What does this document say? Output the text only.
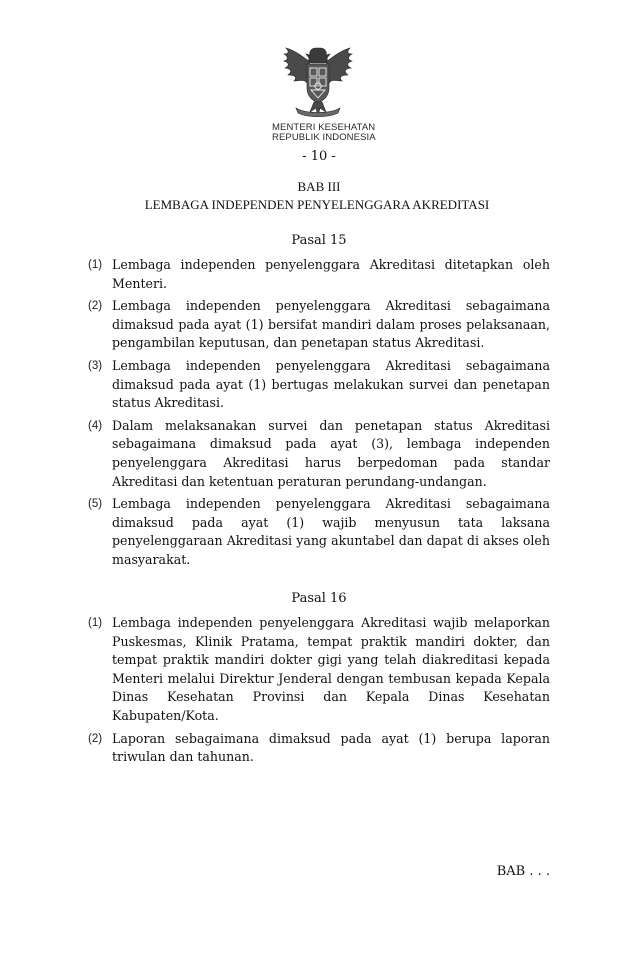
MENTERI KESEHATAN
REPUBLIK INDONESIA
- 10 -
BAB III
LEMBAGA INDEPENDEN PENYELENGGARA AKREDITASI
Pasal 15
(1) Lembaga independen penyelenggara Akreditasi ditetapkan oleh Menteri.
(2) Lembaga independen penyelenggara Akreditasi sebagaimana dimaksud pada ayat (1) bersifat mandiri dalam proses pelaksanaan, pengambilan keputusan, dan penetapan status Akreditasi.
(3) Lembaga independen penyelenggara Akreditasi sebagaimana dimaksud pada ayat (1) bertugas melakukan survei dan penetapan status Akreditasi.
(4) Dalam melaksanakan survei dan penetapan status Akreditasi sebagaimana dimaksud pada ayat (3), lembaga independen penyelenggara Akreditasi harus berpedoman pada standar Akreditasi dan ketentuan peraturan perundang-undangan.
(5) Lembaga independen penyelenggara Akreditasi sebagaimana dimaksud pada ayat (1) wajib menyusun tata laksana penyelenggaraan Akreditasi yang akuntabel dan dapat di akses oleh masyarakat.
Pasal 16
(1) Lembaga independen penyelenggara Akreditasi wajib melaporkan Puskesmas, Klinik Pratama, tempat praktik mandiri dokter, dan tempat praktik mandiri dokter gigi yang telah diakreditasi kepada Menteri melalui Direktur Jenderal dengan tembusan kepada Kepala Dinas Kesehatan Provinsi dan Kepala Dinas Kesehatan Kabupaten/Kota.
(2) Laporan sebagaimana dimaksud pada ayat (1) berupa laporan triwulan dan tahunan.
BAB . . .
